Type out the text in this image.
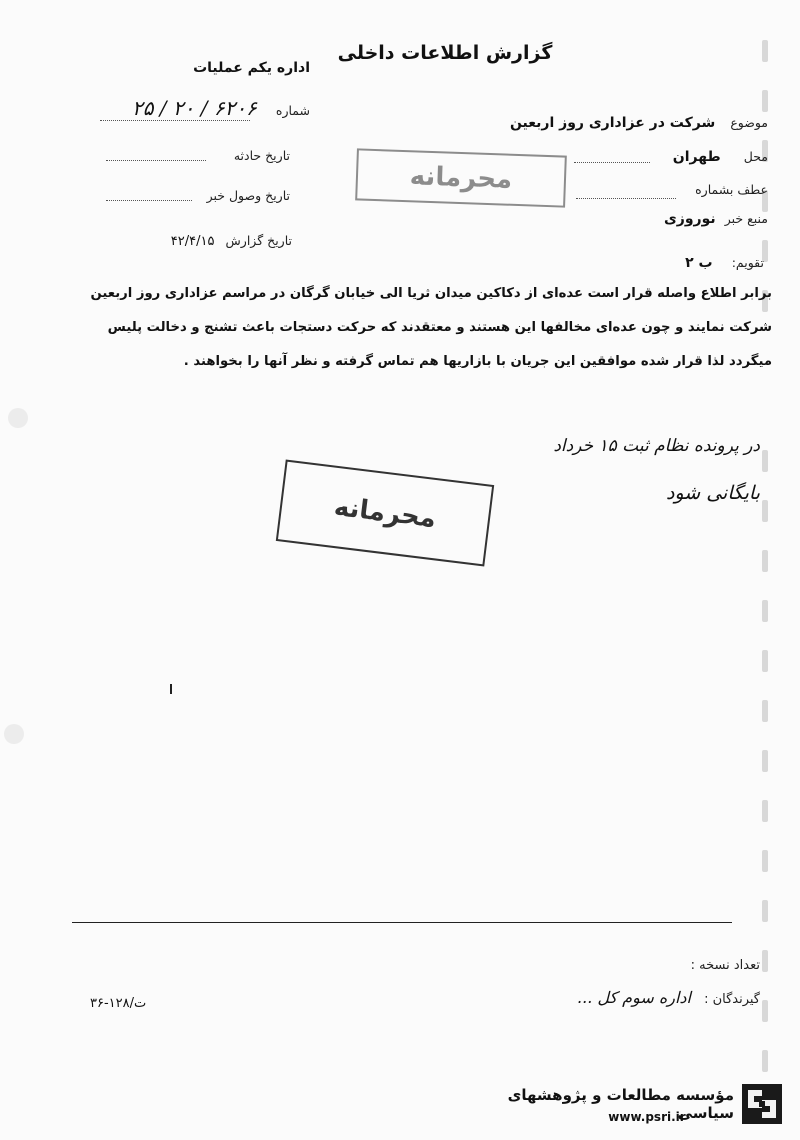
گزارش اطلاعات داخلی
اداره یکم عملیات
موضوع شرکت در عزاداری روز اربعین
محل طهران
عطف بشماره
منبع خبر نوروزی
تقویم: ب ۲
شماره ۶۲۰۶ / ۲۰ / ۲۵
تاریخ حادثه
تاریخ وصول خبر
تاریخ گزارش ۴۲/۴/۱۵
محرمانه
برابر اطلاع واصله قرار است عده‌ای از دکاکین میدان ثریا الی خیابان گرگان در مراسم عزاداری روز اربعین
شرکت نمایند و چون عده‌ای مخالفها این هستند و معتقدند که حرکت دستجات باعث تشنج و دخالت پلیس
میگردد لذا قرار شده موافقین این جریان با بازاریها هم تماس گرفته و نظر آنها را بخواهند .
در پرونده نظام ثبت ۱۵ خرداد
بایگانی شود
محرمانه
تعداد نسخه :
گیرندگان : اداره سوم کل ...
ت/۱۲۸-۳۶
مؤسسه مطالعات و پژوهشهای سیاسی
www.psri.ir
